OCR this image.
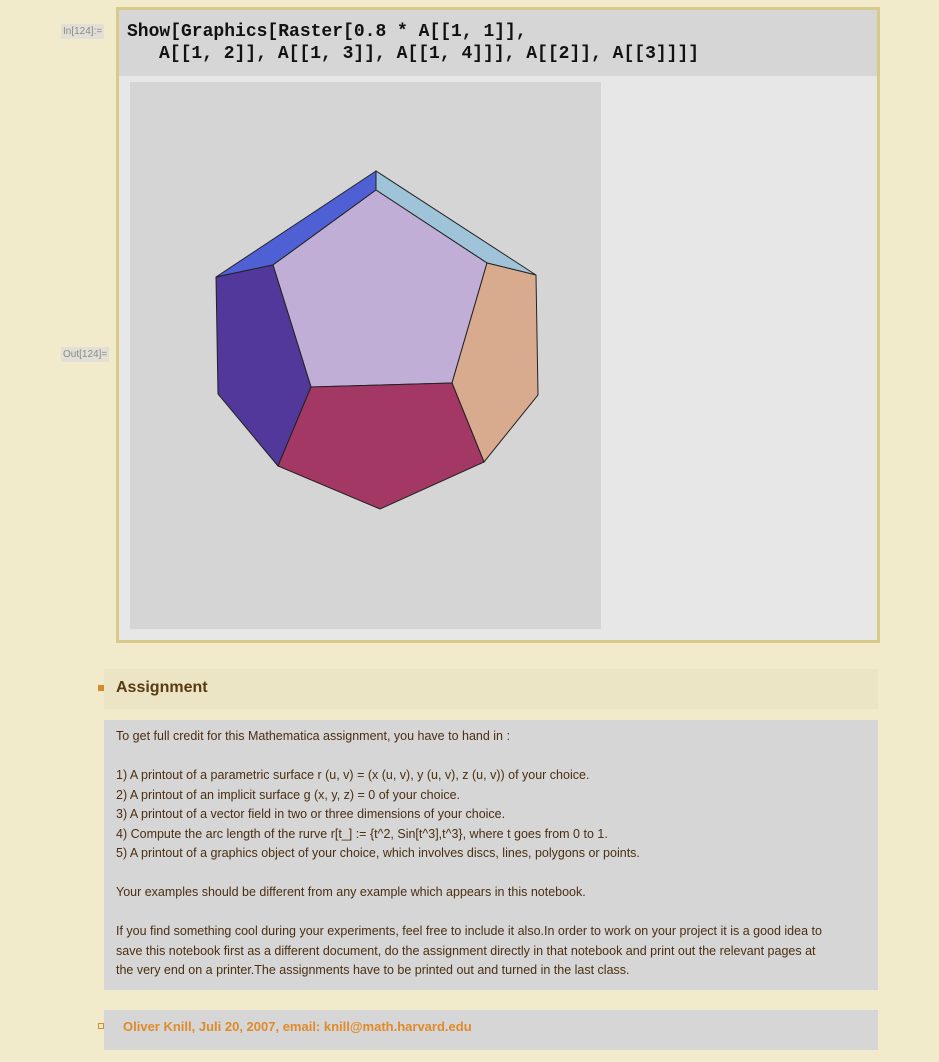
In[124]:=
Out[124]=
Show[Graphics[Raster[0.8 * A[[1, 1]],
A[[1, 2]], A[[1, 3]], A[[1, 4]]], A[[2]], A[[3]]]]
Assignment
To get full credit for this Mathematica assignment, you have to hand in :
1) A printout of a parametric surface r (u, v) = (x (u, v), y (u, v), z (u, v)) of your choice.
2) A printout of an implicit surface g (x, y, z) = 0 of your choice.
3) A printout of a vector field in two or three dimensions of your choice.
4) Compute the arc length of the rurve r[t_] := {t^2, Sin[t^3],t^3}, where t goes from 0 to 1.
5) A printout of a graphics object of your choice, which involves discs, lines, polygons or points.
Your examples should be different from any example which appears in this notebook.
If you find something cool during your experiments, feel free to include it also.In order to work on your project it is a good idea to
save this notebook first as a different document, do the assignment directly in that notebook and print out the relevant pages at
the very end on a printer.The assignments have to be printed out and turned in the last class.
Oliver Knill, Juli 20, 2007, email: knill@math.harvard.edu
